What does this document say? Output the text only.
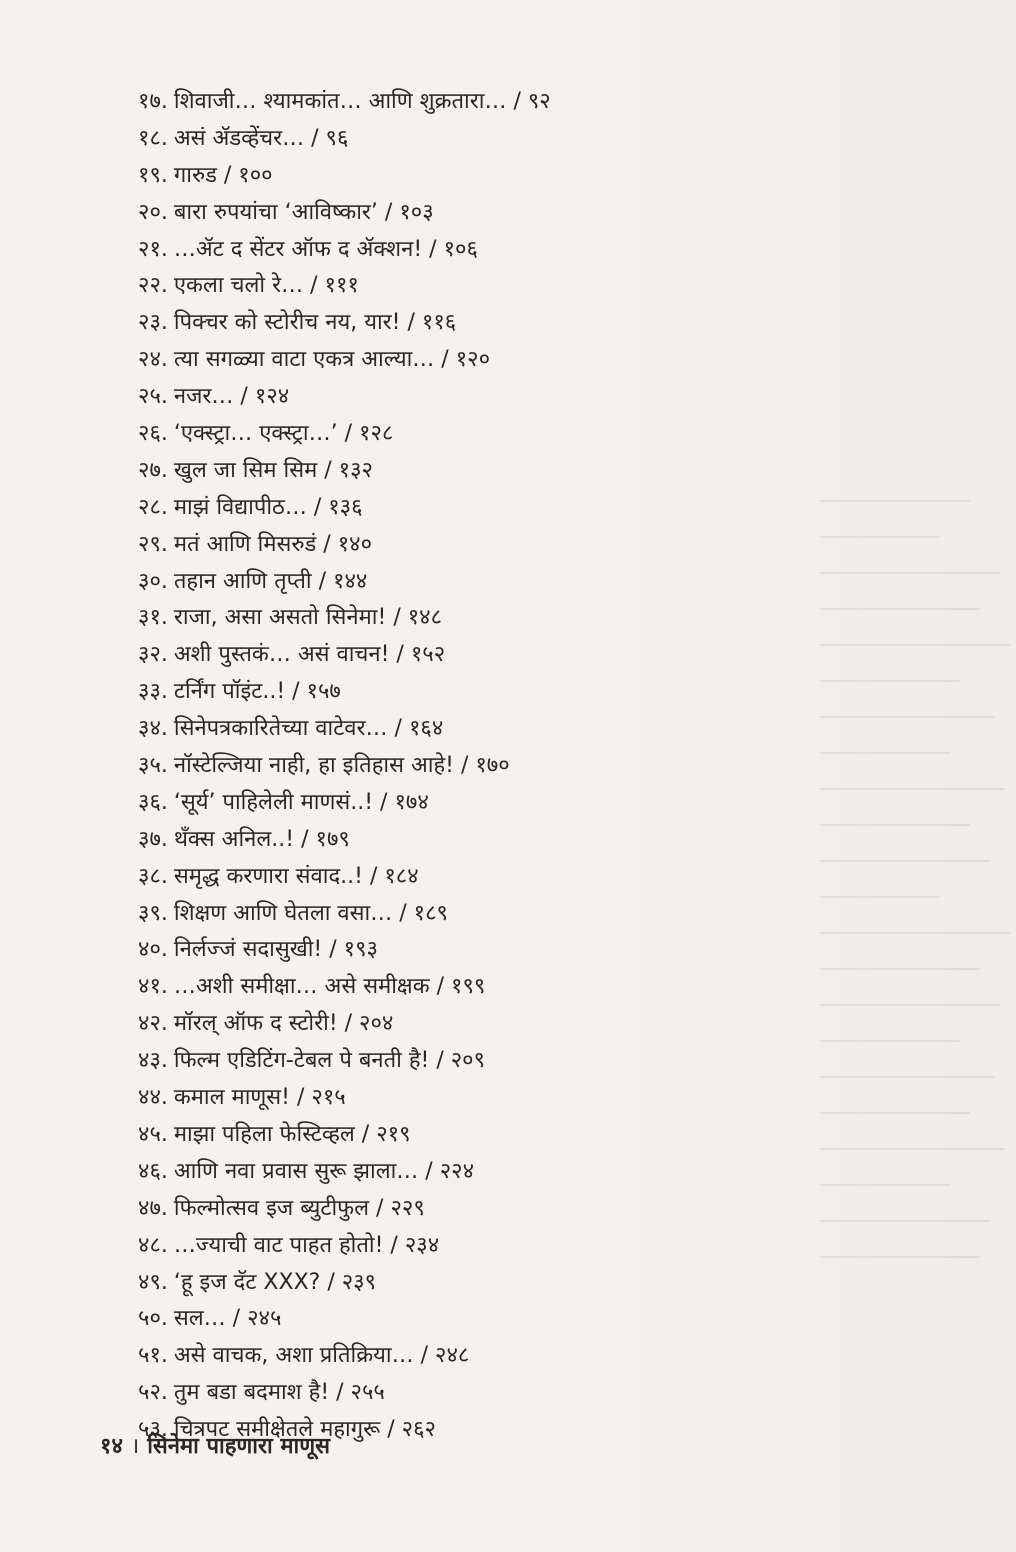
१७. शिवाजी… श्यामकांत… आणि शुक्रतारा… / ९२
१८. असं ॲडव्हेंचर… / ९६
१९. गारुड / १००
२०. बारा रुपयांचा ‘आविष्कार’ / १०३
२१. …ॲट द सेंटर ऑफ द ॲक्शन! / १०६
२२. एकला चलो रे… / १११
२३. पिक्चर को स्टोरीच नय, यार! / ११६
२४. त्या सगळ्या वाटा एकत्र आल्या… / १२०
२५. नजर… / १२४
२६. ‘एक्स्ट्रा… एक्स्ट्रा…’ / १२८
२७. खुल जा सिम सिम / १३२
२८. माझं विद्यापीठ… / १३६
२९. मतं आणि मिसरुडं / १४०
३०. तहान आणि तृप्ती / १४४
३१. राजा, असा असतो सिनेमा! / १४८
३२. अशी पुस्तकं… असं वाचन! / १५२
३३. टर्निंग पॉइंट..! / १५७
३४. सिनेपत्रकारितेच्या वाटेवर… / १६४
३५. नॉस्टेल्जिया नाही, हा इतिहास आहे! / १७०
३६. ‘सूर्य’ पाहिलेली माणसं..! / १७४
३७. थँक्स अनिल..! / १७९
३८. समृद्ध करणारा संवाद..! / १८४
३९. शिक्षण आणि घेतला वसा… / १८९
४०. निर्लज्जं सदासुखी! / १९३
४१. …अशी समीक्षा… असे समीक्षक / १९९
४२. मॉरल् ऑफ द स्टोरी! / २०४
४३. फिल्म एडिटिंग-टेबल पे बनती है! / २०९
४४. कमाल माणूस! / २१५
४५. माझा पहिला फेस्टिव्हल / २१९
४६. आणि नवा प्रवास सुरू झाला… / २२४
४७. फिल्मोत्सव इज ब्युटीफुल / २२९
४८. …ज्याची वाट पाहत होतो! / २३४
४९. ‘हू इज दॅट XXX? / २३९
५०. सल… / २४५
५१. असे वाचक, अशा प्रतिक्रिया… / २४८
५२. तुम बडा बदमाश है! / २५५
५३. चित्रपट समीक्षेतले महागुरू / २६२
१४ । सिनेमा पाहणारा माणूस
